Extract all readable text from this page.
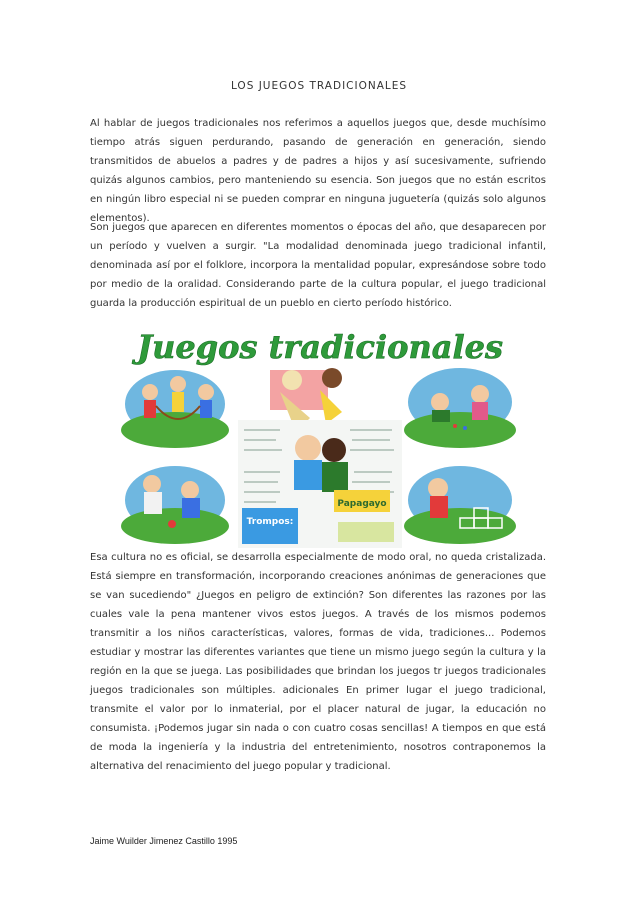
LOS JUEGOS TRADICIONALES

Al hablar de juegos tradicionales nos referimos a aquellos juegos que, desde muchísimo tiempo atrás siguen perdurando, pasando de generación en generación, siendo transmitidos de abuelos a padres y de padres a hijos y así sucesivamente, sufriendo quizás algunos cambios, pero manteniendo su esencia. Son juegos que no están escritos en ningún libro especial ni se pueden comprar en ninguna juguetería (quizás solo algunos elementos).

Son juegos que aparecen en diferentes momentos o épocas del año, que desaparecen por un período y vuelven a surgir. "La modalidad denominada juego tradicional infantil, denominada así por el folklore, incorpora la mentalidad popular, expresándose sobre todo por medio de la oralidad. Considerando parte de la cultura popular, el juego tradicional guarda la producción espiritual de un pueblo en cierto período histórico.

Juegos tradicionales
Papagayo
Trompos:

Esa cultura no es oficial, se desarrolla especialmente de modo oral, no queda cristalizada. Está siempre en transformación, incorporando creaciones anónimas de generaciones que se van sucediendo" ¿Juegos en peligro de extinción? Son diferentes las razones por las cuales vale la pena mantener vivos estos juegos. A través de los mismos podemos transmitir a los niños características, valores, formas de vida, tradiciones... Podemos estudiar y mostrar las diferentes variantes que tiene un mismo juego según la cultura y la región en la que se juega. Las posibilidades que brindan los juegos tr juegos tradicionales juegos tradicionales son múltiples. adicionales En primer lugar el juego tradicional, transmite el valor por lo inmaterial, por el placer natural de jugar, la educación no consumista. ¡Podemos jugar sin nada o con cuatro cosas sencillas! A tiempos en que está de moda la ingeniería y la industria del entretenimiento, nosotros contraponemos la alternativa del renacimiento del juego popular y tradicional.

Jaime Wuilder Jimenez Castillo 1995
